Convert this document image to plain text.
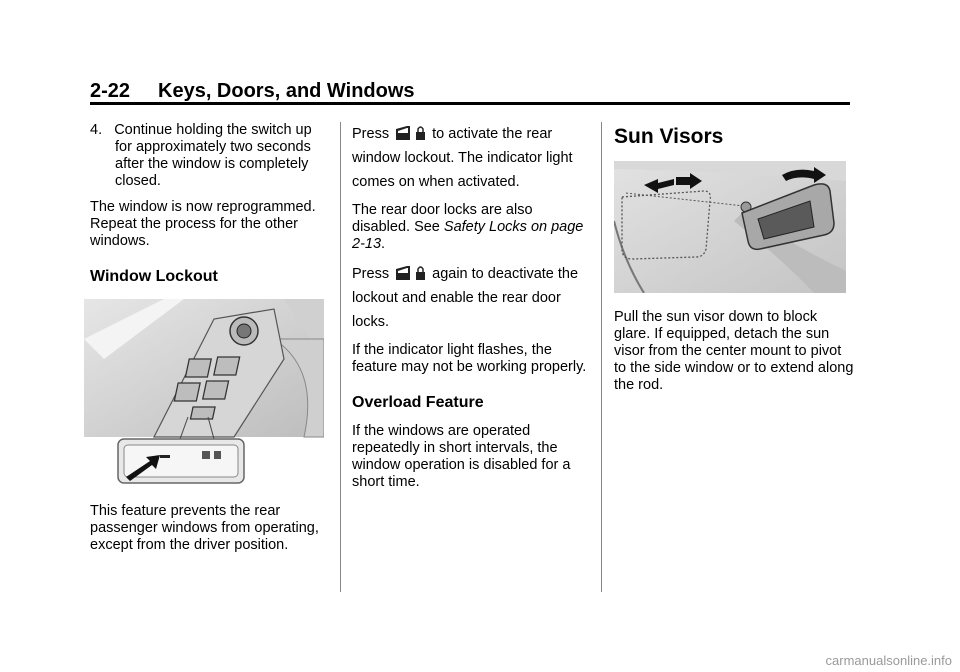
2-22 Keys, Doors, and Windows

4. Continue holding the switch up for approximately two seconds after the window is completely closed.

The window is now reprogrammed. Repeat the process for the other windows.

Window Lockout

This feature prevents the rear passenger windows from operating, except from the driver position.

Press	to activate the rear
window lockout. The indicator light comes on when activated.

The rear door locks are also disabled. See Safety Locks on page 2-13.

Press	again to deactivate the
lockout and enable the rear door locks.

If the indicator light flashes, the feature may not be working properly.

Overload Feature

If the windows are operated repeatedly in short intervals, the window operation is disabled for a short time.

Sun Visors

Pull the sun visor down to block glare. If equipped, detach the sun visor from the center mount to pivot to the side window or to extend along the rod.

carmanualsonline.info
